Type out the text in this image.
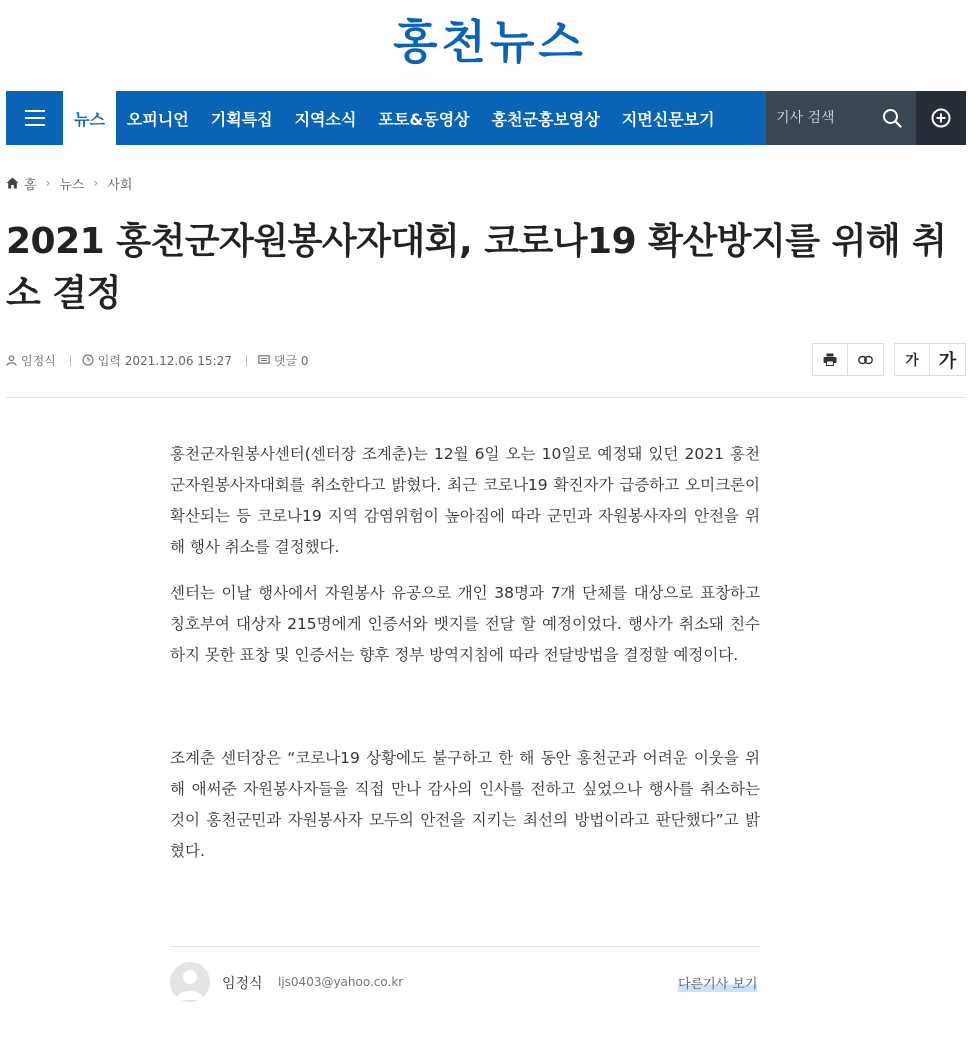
홍천뉴스
뉴스	오피니언	기획특집	지역소식	포토&동영상	홍천군홍보영상	지면신문보기
기사 검색
홈 › 뉴스 › 사회
2021 홍천군자원봉사자대회, 코로나19 확산방지를 위해 취소 결정
임정식	입력 2021.12.06 15:27	댓글 0	가	가

홍천군자원봉사센터(센터장 조계춘)는 12월 6일 오는 10일로 예정돼 있던 2021 홍천군자원봉사자대회를 취소한다고 밝혔다. 최근 코로나19 확진자가 급증하고 오미크론이 확산되는 등 코로나19 지역 감염위험이 높아짐에 따라 군민과 자원봉사자의 안전을 위해 행사 취소를 결정했다.

센터는 이날 행사에서 자원봉사 유공으로 개인 38명과 7개 단체를 대상으로 표창하고 칭호부여 대상자 215명에게 인증서와 뱃지를 전달 할 예정이었다. 행사가 취소돼 친수하지 못한 표창 및 인증서는 향후 정부 방역지침에 따라 전달방법을 결정할 예정이다.

조계춘 센터장은 “코로나19 상황에도 불구하고 한 해 동안 홍천군과 어려운 이웃을 위해 애써준 자원봉사자들을 직접 만나 감사의 인사를 전하고 싶었으나 행사를 취소하는 것이 홍천군민과 자원봉사자 모두의 안전을 지키는 최선의 방법이라고 판단했다”고 밝혔다.

임정식 ljs0403@yahoo.co.kr	다른기사 보기
